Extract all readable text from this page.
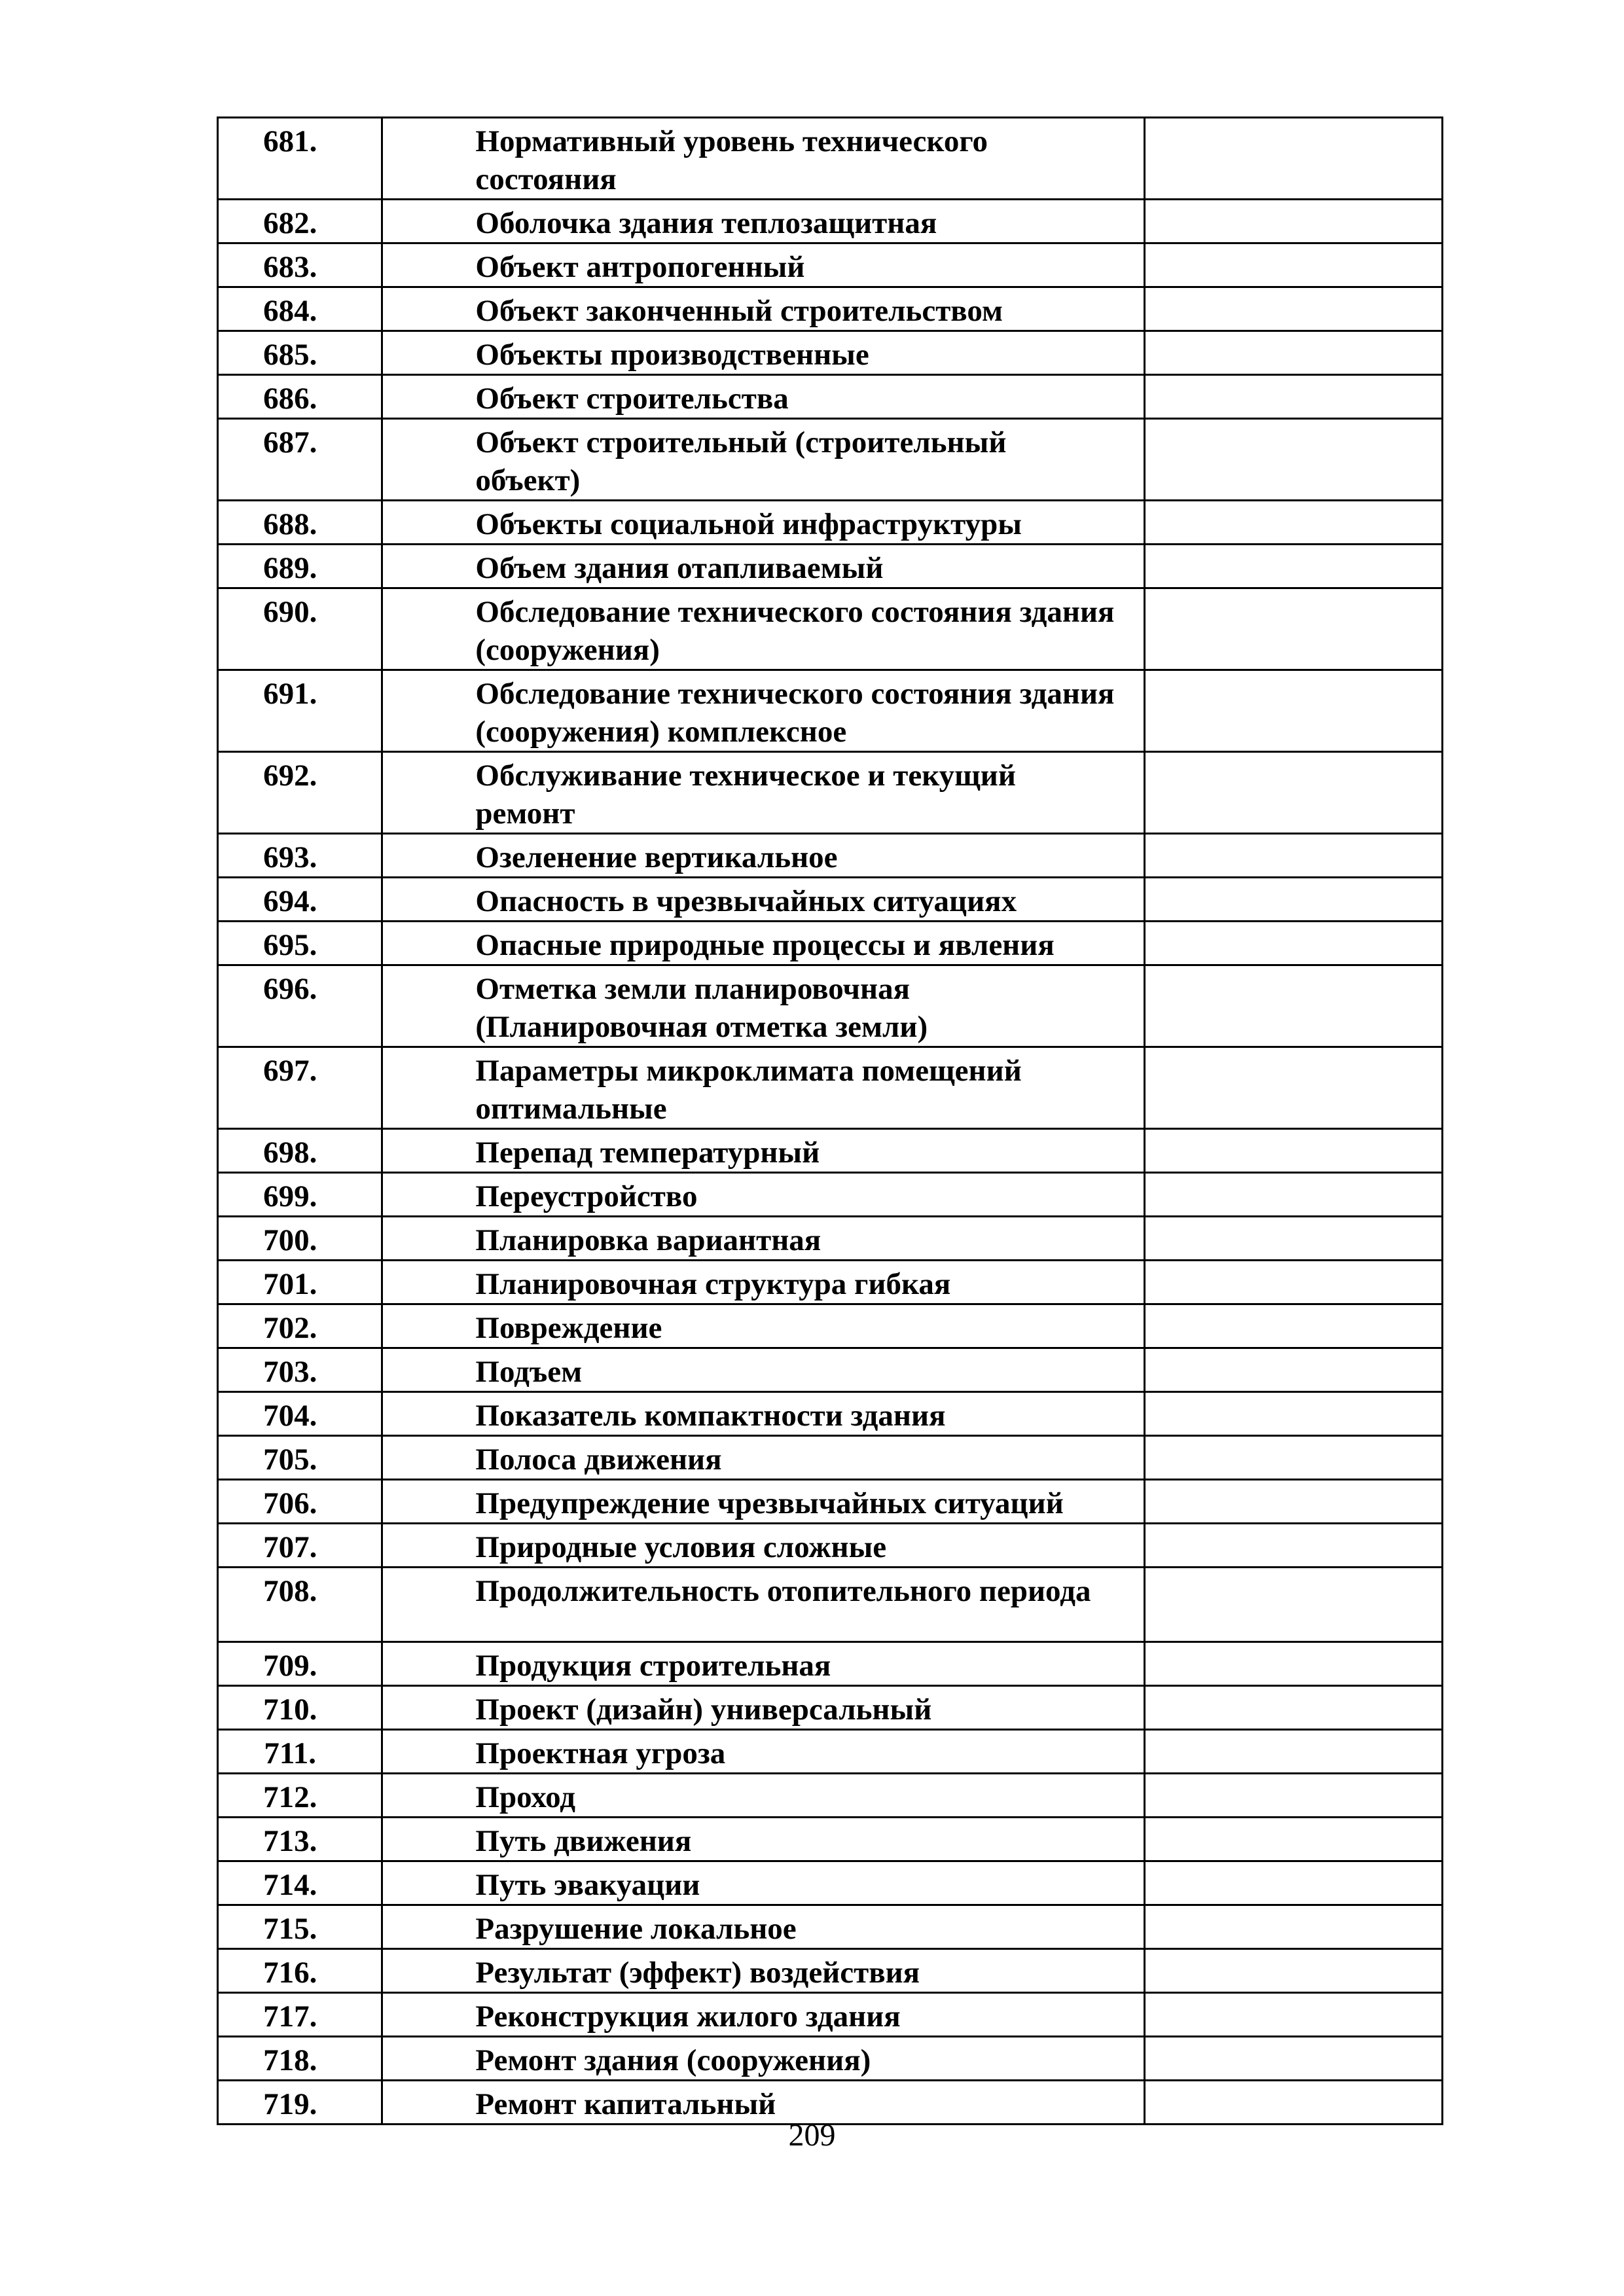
681.	Нормативный уровень технического состояния	
682.	Оболочка здания теплозащитная	
683.	Объект антропогенный	
684.	Объект законченный строительством	
685.	Объекты производственные	
686.	Объект строительства	
687.	Объект строительный (строительный объект)	
688.	Объекты социальной инфраструктуры	
689.	Объем здания отапливаемый	
690.	Обследование технического состояния здания (сооружения)	
691.	Обследование технического состояния здания (сооружения) комплексное	
692.	Обслуживание техническое и текущий ремонт	
693.	Озеленение вертикальное	
694.	Опасность в чрезвычайных ситуациях	
695.	Опасные природные процессы и явления	
696.	Отметка земли планировочная (Планировочная отметка земли)	
697.	Параметры микроклимата помещений оптимальные	
698.	Перепад температурный	
699.	Переустройство	
700.	Планировка вариантная	
701.	Планировочная структура гибкая	
702.	Повреждение	
703.	Подъем	
704.	Показатель компактности здания	
705.	Полоса движения	
706.	Предупреждение чрезвычайных ситуаций	
707.	Природные условия сложные	
708.	Продолжительность отопительного периода	
709.	Продукция строительная	
710.	Проект (дизайн) универсальный	
711.	Проектная угроза	
712.	Проход	
713.	Путь движения	
714.	Путь эвакуации	
715.	Разрушение локальное	
716.	Результат (эффект) воздействия	
717.	Реконструкция жилого здания	
718.	Ремонт здания (сооружения)	
719.	Ремонт капитальный	
209
